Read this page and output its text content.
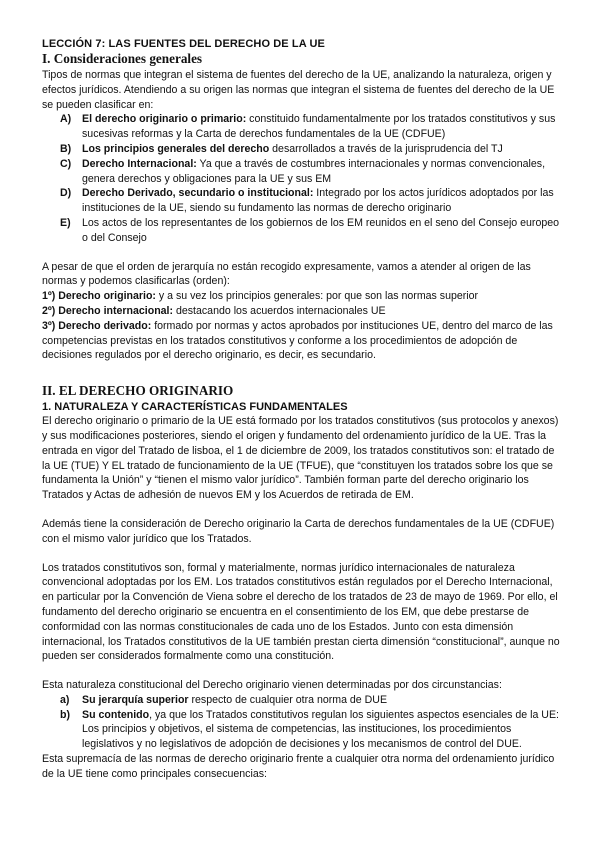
LECCIÓN 7: LAS FUENTES DEL DERECHO DE LA UE

I. Consideraciones generales

Tipos de normas que integran el sistema de fuentes del derecho de la UE, analizando la naturaleza, origen y efectos jurídicos. Atendiendo a su origen las normas que integran el sistema de fuentes del derecho de la UE se pueden clasificar en:

A) El derecho originario o primario: constituido fundamentalmente por los tratados constitutivos y sus sucesivas reformas y la Carta de derechos fundamentales de la UE (CDFUE)
B) Los principios generales del derecho desarrollados a través de la jurisprudencia del TJ
C) Derecho Internacional: Ya que a través de costumbres internacionales y normas convencionales, genera derechos y obligaciones para la UE y sus EM
D) Derecho Derivado, secundario o institucional: Integrado por los actos jurídicos adoptados por las instituciones de la UE, siendo su fundamento las normas de derecho originario
E) Los actos de los representantes de los gobiernos de los EM reunidos en el seno del Consejo europeo o del Consejo

A pesar de que el orden de jerarquía no están recogido expresamente, vamos a atender al origen de las normas y podemos clasificarlas (orden):

1º) Derecho originario: y a su vez los principios generales: por que son las normas superior

2º) Derecho internacional: destacando los acuerdos internacionales UE

3º) Derecho derivado: formado por normas y actos aprobados por instituciones UE, dentro del marco de las competencias previstas en los tratados constitutivos y conforme a los procedimientos de adopción de decisiones regulados por el derecho originario, es decir, es secundario.

II. EL DERECHO ORIGINARIO

1. NATURALEZA Y CARACTERÍSTICAS FUNDAMENTALES

El derecho originario o primario de la UE está formado por los tratados constitutivos (sus protocolos y anexos) y sus modificaciones posteriores, siendo el origen y fundamento del ordenamiento jurídico de la UE. Tras la entrada en vigor del Tratado de lisboa, el 1 de diciembre de 2009, los tratados constitutivos son: el tratado de la UE (TUE) Y EL tratado de funcionamiento de la UE (TFUE), que “constituyen los tratados sobre los que se fundamenta la Unión” y “tienen el mismo valor jurídico”. También forman parte del derecho originario los Tratados y Actas de adhesión de nuevos EM y los Acuerdos de retirada de EM.

Además tiene la consideración de Derecho originario la Carta de derechos fundamentales de la UE (CDFUE) con el mismo valor jurídico que los Tratados.

Los tratados constitutivos son, formal y materialmente, normas jurídico internacionales de naturaleza convencional adoptadas por los EM. Los tratados constitutivos están regulados por el Derecho Internacional, en particular por la Convención de Viena sobre el derecho de los tratados de 23 de mayo de 1969. Por ello, el fundamento del derecho originario se encuentra en el consentimiento de los EM, que debe prestarse de conformidad con las normas constitucionales de cada uno de los Estados. Junto con esta dimensión internacional, los Tratados constitutivos de la UE también prestan cierta dimensión “constitucional”, aunque no pueden ser considerados formalmente como una constitución.

Esta naturaleza constitucional del Derecho originario vienen determinadas por dos circunstancias:

a) Su jerarquía superior respecto de cualquier otra norma de DUE
b) Su contenido, ya que los Tratados constitutivos regulan los siguientes aspectos esenciales de la UE: Los principios y objetivos, el sistema de competencias, las instituciones, los procedimientos legislativos y no legislativos de adopción de decisiones y los mecanismos de control del DUE.

Esta supremacía de las normas de derecho originario frente a cualquier otra norma del ordenamiento jurídico de la UE tiene como principales consecuencias:
